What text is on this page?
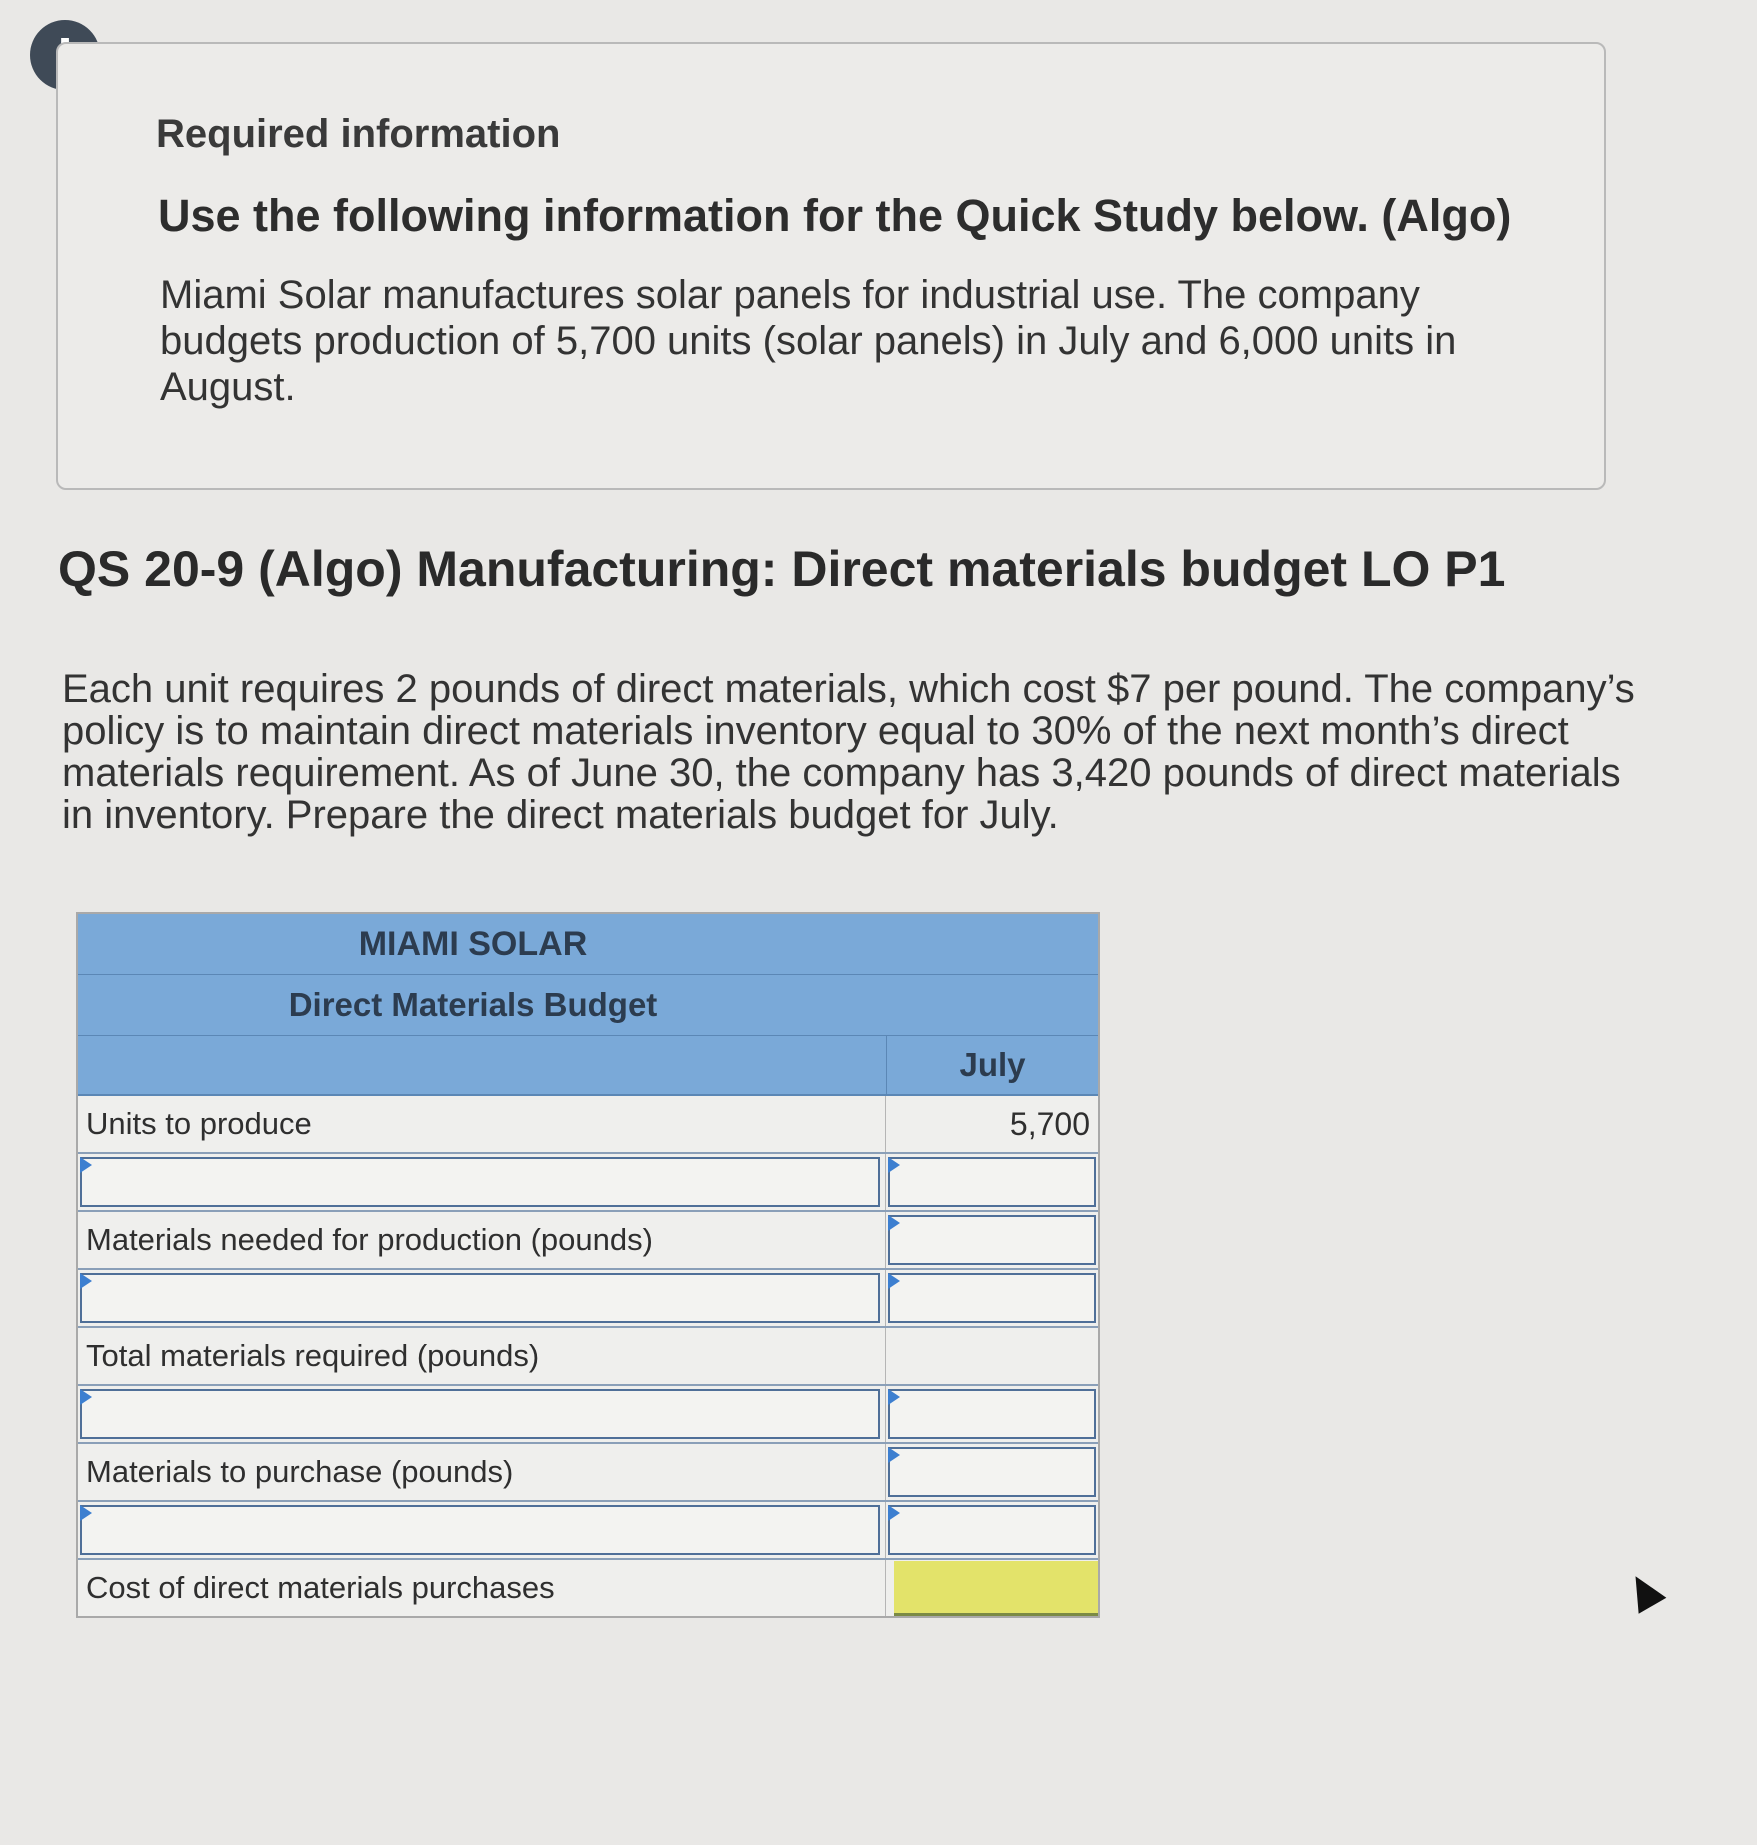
Required information
Use the following information for the Quick Study below. (Algo)
Miami Solar manufactures solar panels for industrial use. The company budgets production of 5,700 units (solar panels) in July and 6,000 units in August.
QS 20-9 (Algo) Manufacturing: Direct materials budget LO P1
Each unit requires 2 pounds of direct materials, which cost $7 per pound. The company’s policy is to maintain direct materials inventory equal to 30% of the next month’s direct materials requirement. As of June 30, the company has 3,420 pounds of direct materials in inventory. Prepare the direct materials budget for July.
MIAMI SOLAR
Direct Materials Budget
July
Units to produce	5,700
Materials needed for production (pounds)
Total materials required (pounds)
Materials to purchase (pounds)
Cost of direct materials purchases
